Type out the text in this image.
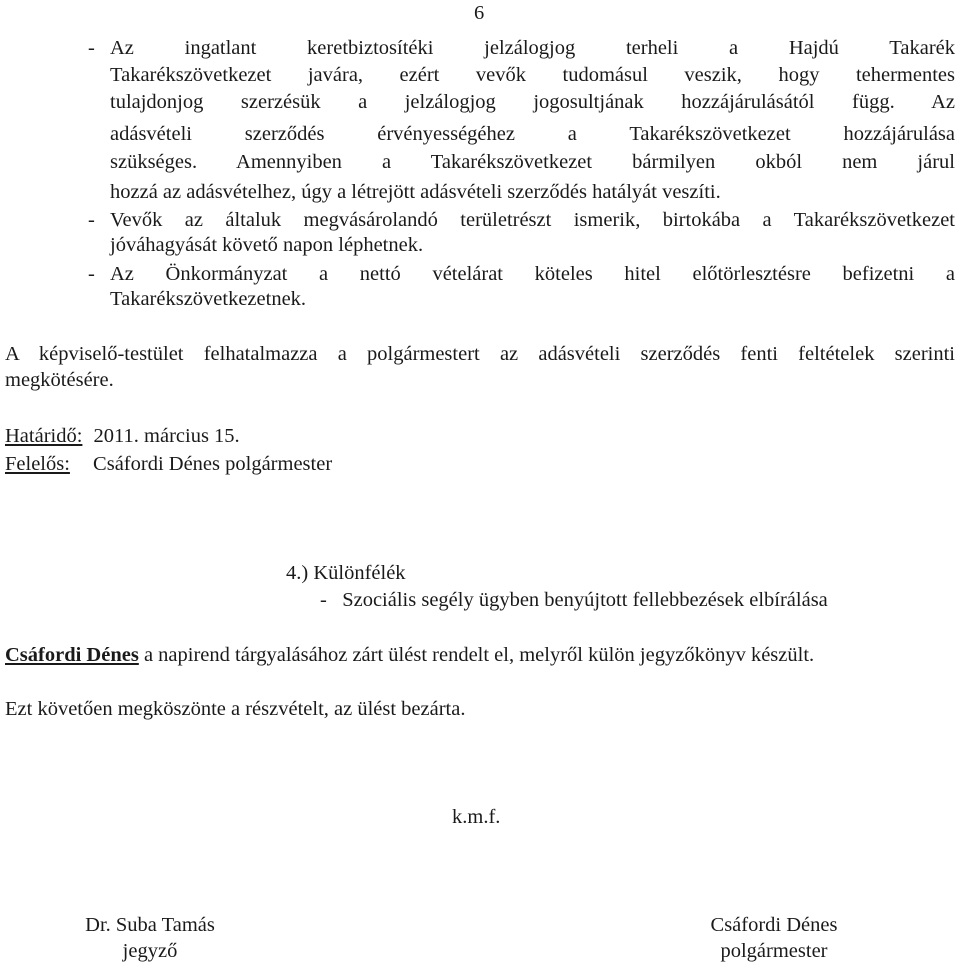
6
- Az ingatlant keretbiztosítéki jelzálogjog terheli a Hajdú Takarék
Takarékszövetkezet javára, ezért vevők tudomásul veszik, hogy tehermentes
tulajdonjog szerzésük a jelzálogjog jogosultjának hozzájárulásától függ. Az
adásvételi szerződés érvényességéhez a Takarékszövetkezet hozzájárulása
szükséges. Amennyiben a Takarékszövetkezet bármilyen okból nem járul
hozzá az adásvételhez, úgy a létrejött adásvételi szerződés hatályát veszíti.
- Vevők az általuk megvásárolandó területrészt ismerik, birtokába a Takarékszövetkezet
jóváhagyását követő napon léphetnek.
- Az Önkormányzat a nettó vételárat köteles hitel előtörlesztésre befizetni a
Takarékszövetkezetnek.
A képviselő-testület felhatalmazza a polgármestert az adásvételi szerződés fenti feltételek szerinti
megkötésére.
Határidő: 2011. március 15.
Felelős: Csáfordi Dénes polgármester
4.) Különfélék
-   Szociális segély ügyben benyújtott fellebbezések elbírálása
Csáfordi Dénes a napirend tárgyalásához zárt ülést rendelt el, melyről külön jegyzőkönyv készült.
Ezt követően megköszönte a részvételt, az ülést bezárta.
k.m.f.
Dr. Suba Tamás
jegyző
Csáfordi Dénes
polgármester
